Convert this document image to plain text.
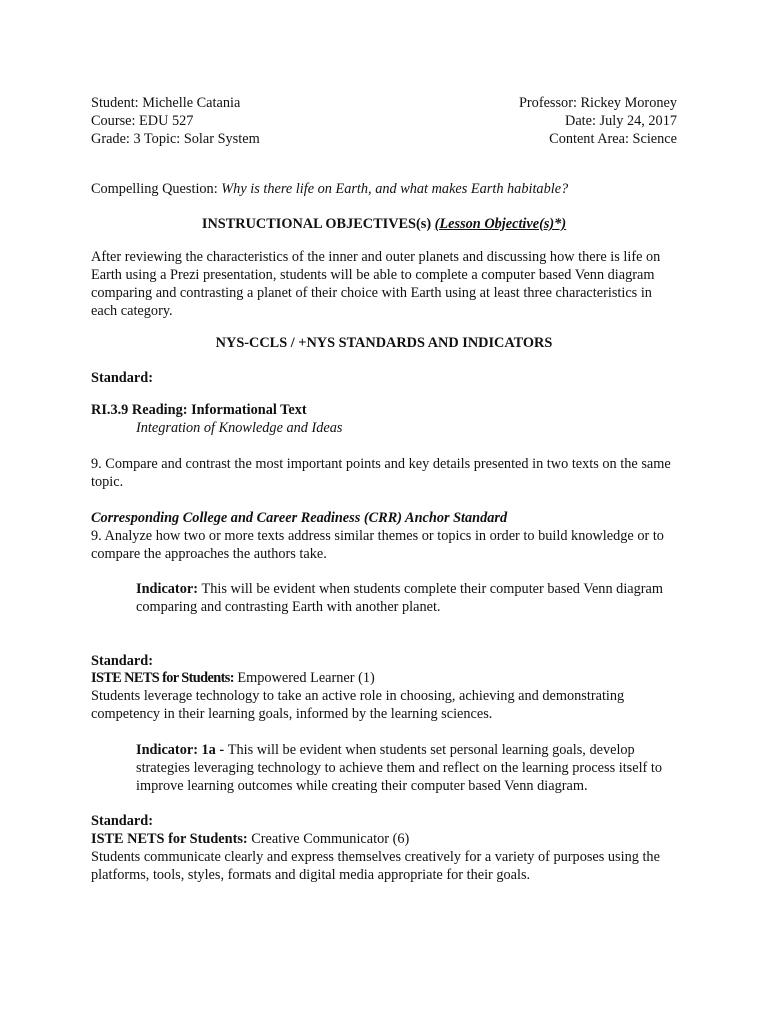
Student: Michelle Catania

Course: EDU 527

Grade: 3 Topic: Solar System

Professor: Rickey Moroney

Date: July 24, 2017

Content Area: Science

Compelling Question: Why is there life on Earth, and what makes Earth habitable?

INSTRUCTIONAL OBJECTIVES(s) (Lesson Objective(s)*)

After reviewing the characteristics of the inner and outer planets and discussing how there is life on Earth using a Prezi presentation, students will be able to complete a computer based Venn diagram comparing and contrasting a planet of their choice with Earth using at least three characteristics in each category.

NYS-CCLS / +NYS STANDARDS AND INDICATORS

Standard:

RI.3.9 Reading: Informational Text

Integration of Knowledge and Ideas

9. Compare and contrast the most important points and key details presented in two texts on the same topic.

Corresponding College and Career Readiness (CRR) Anchor Standard

9. Analyze how two or more texts address similar themes or topics in order to build knowledge or to compare the approaches the authors take.

Indicator: This will be evident when students complete their computer based Venn diagram comparing and contrasting Earth with another planet.

Standard:

ISTE NETS for Students: Empowered Learner (1)

Students leverage technology to take an active role in choosing, achieving and demonstrating competency in their learning goals, informed by the learning sciences.

Indicator: 1a - This will be evident when students set personal learning goals, develop strategies leveraging technology to achieve them and reflect on the learning process itself to improve learning outcomes while creating their computer based Venn diagram.

Standard:

ISTE NETS for Students: Creative Communicator (6)

Students communicate clearly and express themselves creatively for a variety of purposes using the platforms, tools, styles, formats and digital media appropriate for their goals.
